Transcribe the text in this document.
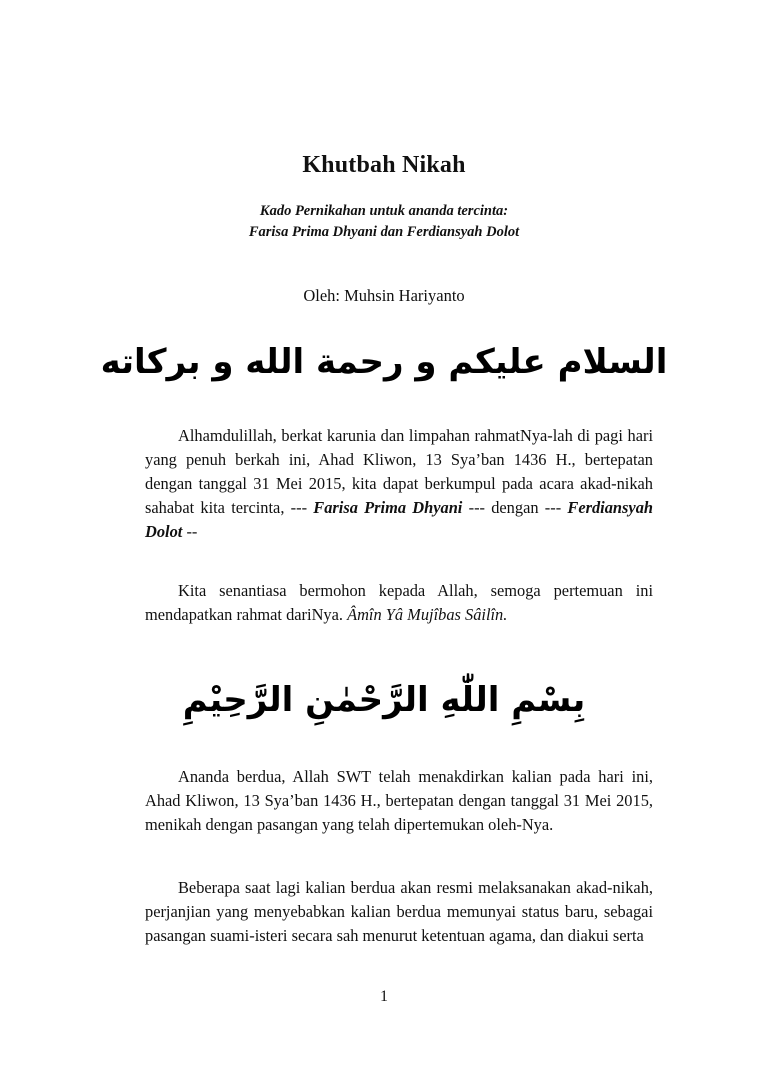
Khutbah Nikah
Kado Pernikahan untuk ananda tercinta:
Farisa Prima Dhyani dan Ferdiansyah Dolot
Oleh: Muhsin Hariyanto
السلام عليكم و رحمة الله و بركاته

Alhamdulillah, berkat karunia dan limpahan rahmatNya-lah di pagi hari yang penuh berkah ini, Ahad Kliwon, 13 Sya’ban 1436 H., bertepatan dengan tanggal 31 Mei 2015, kita dapat berkumpul pada acara akad-nikah sahabat kita tercinta, --- Farisa Prima Dhyani --- dengan --- Ferdiansyah Dolot --

Kita senantiasa bermohon kepada Allah, semoga pertemuan ini mendapatkan rahmat dariNya. Âmîn Yâ Mujîbas Sâilîn.

بِسْمِ اللّٰهِ الرَّحْمٰنِ الرَّحِيْمِ

Ananda berdua, Allah SWT telah menakdirkan kalian pada hari ini, Ahad Kliwon, 13 Sya’ban 1436 H., bertepatan dengan tanggal 31 Mei 2015, menikah dengan pasangan yang telah dipertemukan oleh-Nya.

Beberapa saat lagi kalian berdua akan resmi melaksanakan akad-nikah, perjanjian yang menyebabkan kalian berdua memunyai status baru, sebagai pasangan suami-isteri secara sah menurut ketentuan agama, dan diakui serta

1
